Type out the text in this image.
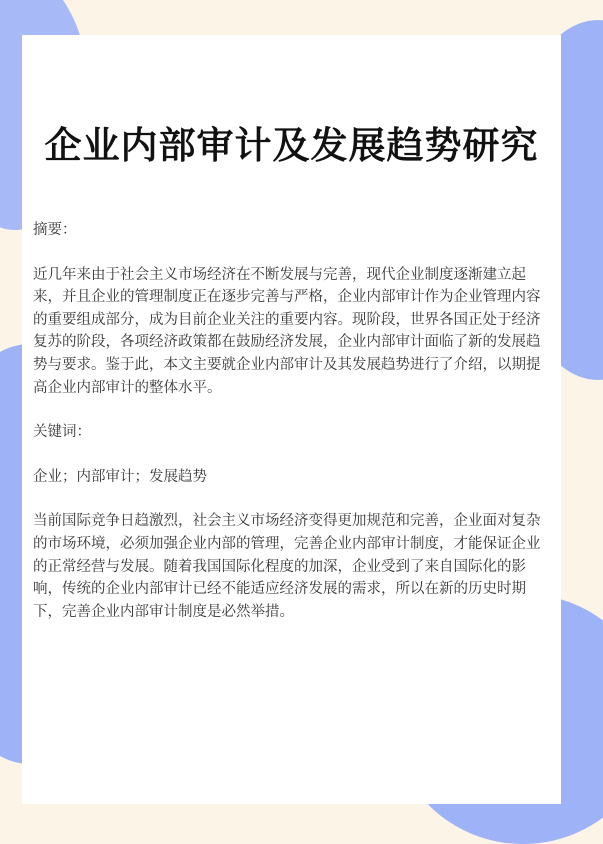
企业内部审计及发展趋势研究

摘要：

近几年来由于社会主义市场经济在不断发展与完善，现代企业制度逐渐建立起来，并且企业的管理制度正在逐步完善与严格，企业内部审计作为企业管理内容的重要组成部分，成为目前企业关注的重要内容。现阶段，世界各国正处于经济复苏的阶段，各项经济政策都在鼓励经济发展，企业内部审计面临了新的发展趋势与要求。鉴于此，本文主要就企业内部审计及其发展趋势进行了介绍，以期提高企业内部审计的整体水平。

关键词：

企业；内部审计；发展趋势

当前国际竞争日趋激烈，社会主义市场经济变得更加规范和完善，企业面对复杂的市场环境，必须加强企业内部的管理，完善企业内部审计制度，才能保证企业的正常经营与发展。随着我国国际化程度的加深，企业受到了来自国际化的影响，传统的企业内部审计已经不能适应经济发展的需求，所以在新的历史时期下，完善企业内部审计制度是必然举措。
